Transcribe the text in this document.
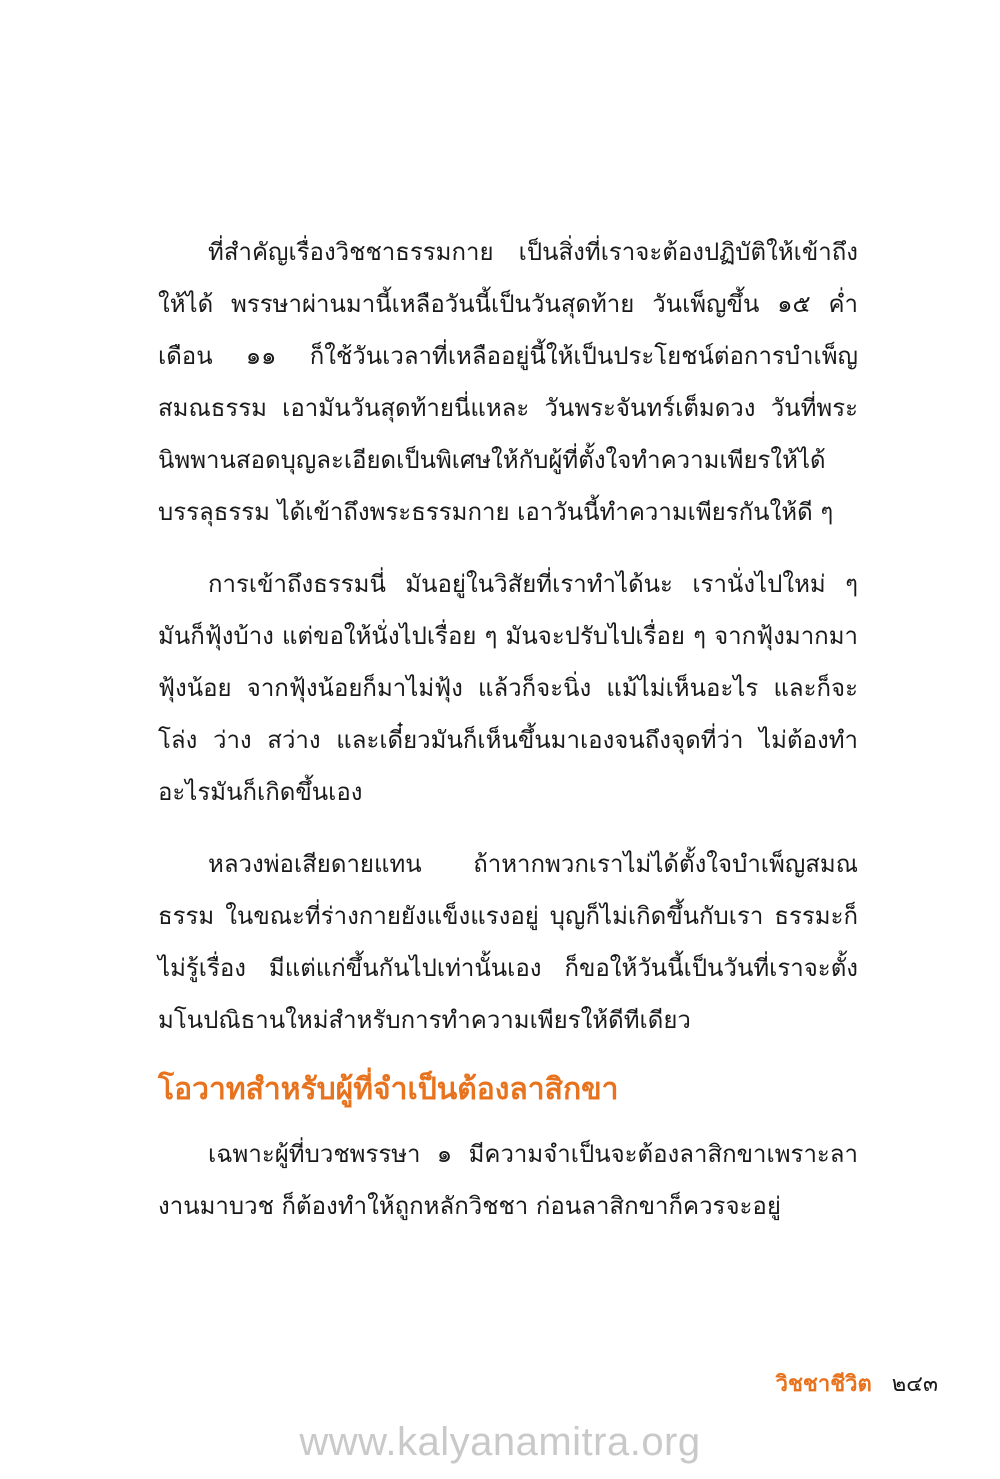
ที่สำคัญเรื่องวิชชาธรรมกาย เป็นสิ่งที่เราจะต้องปฏิบัติให้เข้าถึงให้ได้ พรรษาผ่านมานี้เหลือวันนี้เป็นวันสุดท้าย วันเพ็ญขึ้น ๑๕ ค่ำ เดือน ๑๑ ก็ใช้วันเวลาที่เหลืออยู่นี้ให้เป็นประโยชน์ต่อการบำเพ็ญสมณธรรม เอามันวันสุดท้ายนี่แหละ วันพระจันทร์เต็มดวง วันที่พระนิพพานสอดบุญละเอียดเป็นพิเศษให้กับผู้ที่ตั้งใจทำความเพียรให้ได้บรรลุธรรม ได้เข้าถึงพระธรรมกาย เอาวันนี้ทำความเพียรกันให้ดี ๆ

การเข้าถึงธรรมนี่ มันอยู่ในวิสัยที่เราทำได้นะ เรานั่งไปใหม่ ๆ มันก็ฟุ้งบ้าง แต่ขอให้นั่งไปเรื่อย ๆ มันจะปรับไปเรื่อย ๆ จากฟุ้งมากมาฟุ้งน้อย จากฟุ้งน้อยก็มาไม่ฟุ้ง แล้วก็จะนิ่ง แม้ไม่เห็นอะไร และก็จะโล่ง ว่าง สว่าง และเดี๋ยวมันก็เห็นขึ้นมาเองจนถึงจุดที่ว่า ไม่ต้องทำอะไรมันก็เกิดขึ้นเอง

หลวงพ่อเสียดายแทน ถ้าหากพวกเราไม่ได้ตั้งใจบำเพ็ญสมณธรรม ในขณะที่ร่างกายยังแข็งแรงอยู่ บุญก็ไม่เกิดขึ้นกับเรา ธรรมะก็ไม่รู้เรื่อง มีแต่แก่ขึ้นกันไปเท่านั้นเอง ก็ขอให้วันนี้เป็นวันที่เราจะตั้งมโนปณิธานใหม่สำหรับการทำความเพียรให้ดีทีเดียว

โอวาทสำหรับผู้ที่จำเป็นต้องลาสิกขา

เฉพาะผู้ที่บวชพรรษา ๑ มีความจำเป็นจะต้องลาสิกขาเพราะลางานมาบวช ก็ต้องทำให้ถูกหลักวิชชา ก่อนลาสิกขาก็ควรจะอยู่

วิชชาชีวิต ๒๔๓
www.kalyanamitra.org
